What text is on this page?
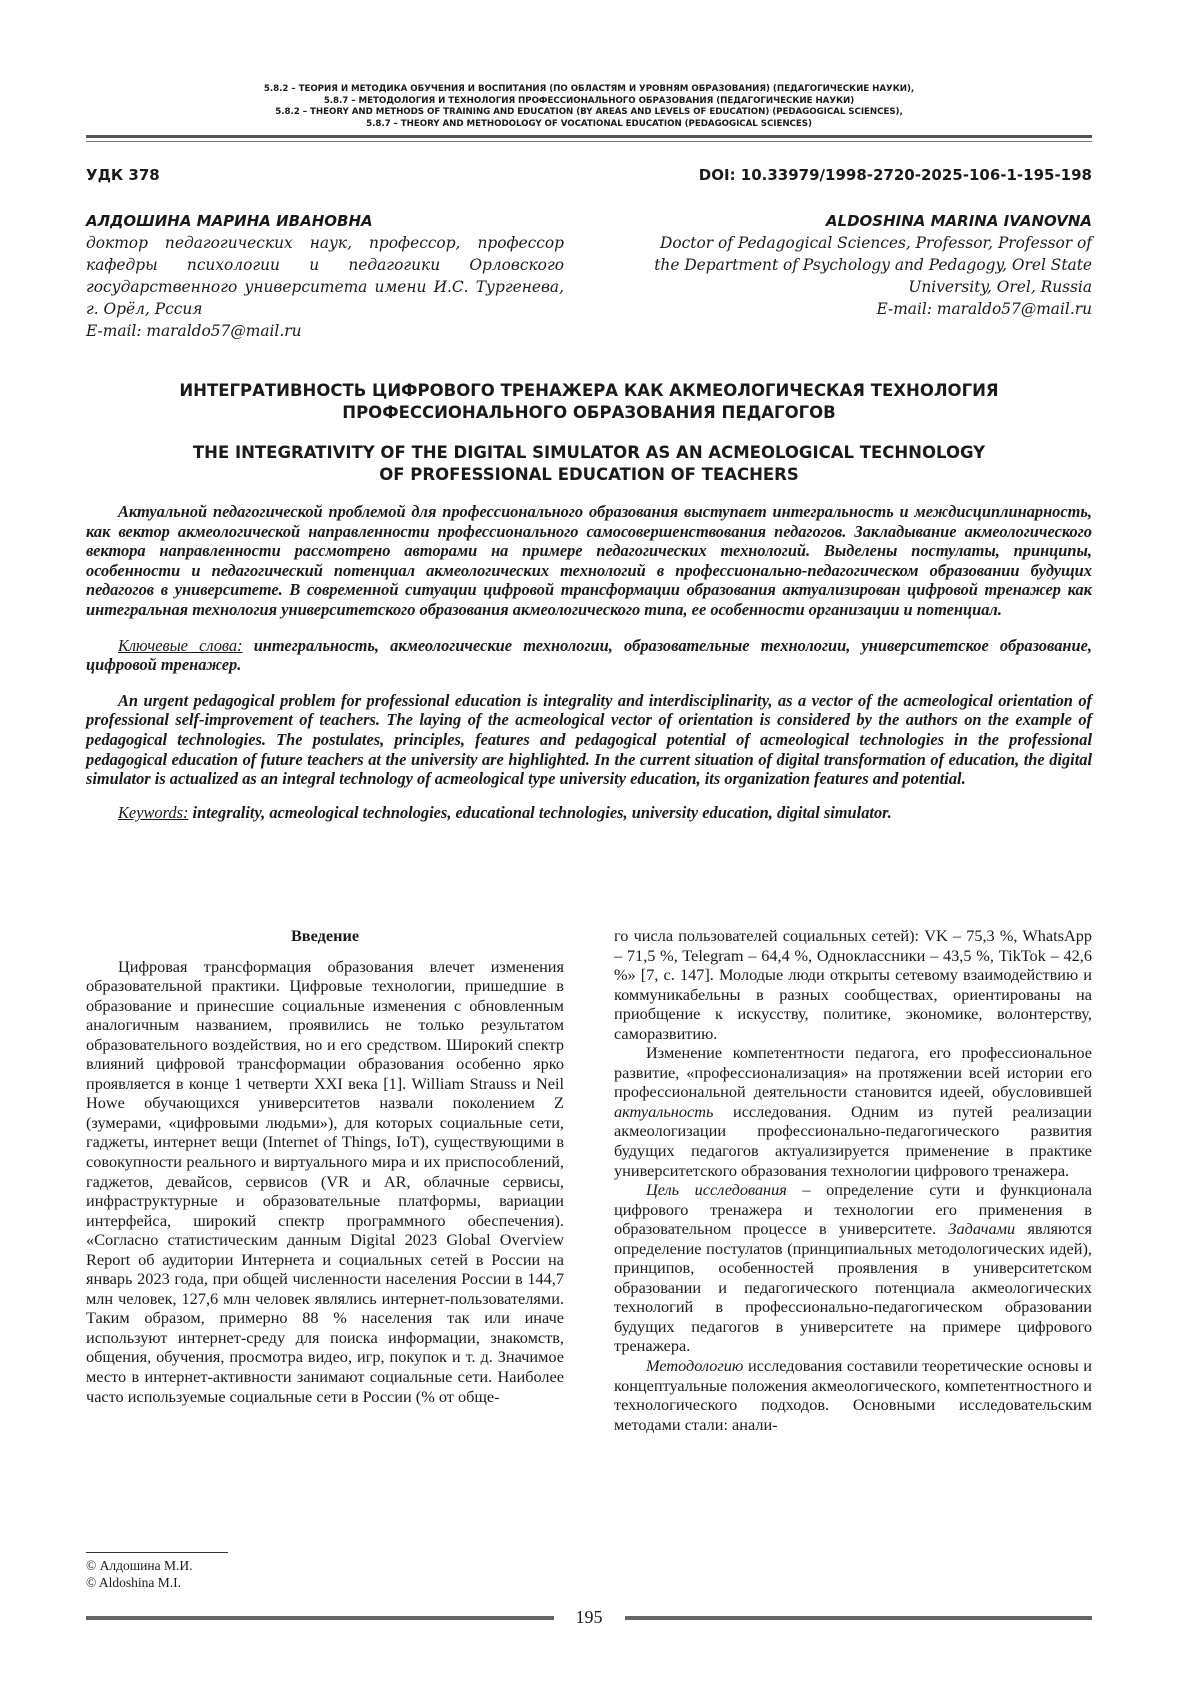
5.8.2 – ТЕОРИЯ И МЕТОДИКА ОБУЧЕНИЯ И ВОСПИТАНИЯ (ПО ОБЛАСТЯМ И УРОВНЯМ ОБРАЗОВАНИЯ) (ПЕДАГОГИЧЕСКИЕ НАУКИ),
5.8.7 – МЕТОДОЛОГИЯ И ТЕХНОЛОГИЯ ПРОФЕССИОНАЛЬНОГО ОБРАЗОВАНИЯ (ПЕДАГОГИЧЕСКИЕ НАУКИ)
5.8.2 – THEORY AND METHODS OF TRAINING AND EDUCATION (BY AREAS AND LEVELS OF EDUCATION) (PEDAGOGICAL SCIENCES),
5.8.7 – THEORY AND METHODOLOGY OF VOCATIONAL EDUCATION (PEDAGOGICAL SCIENCES)
УДК 378	DOI: 10.33979/1998-2720-2025-106-1-195-198
АЛДОШИНА МАРИНА ИВАНОВНА
доктор педагогических наук, профессор, профессор кафедры психологии и педагогики Орловского государственного университета имени И.С. Тургенева, г. Орёл, Рссия
E-mail: maraldo57@mail.ru
ALDOSHINA MARINA IVANOVNA
Doctor of Pedagogical Sciences, Professor, Professor of
the Department of Psychology and Pedagogy, Orel State
University, Orel, Russia
E-mail: maraldo57@mail.ru
ИНТЕГРАТИВНОСТЬ ЦИФРОВОГО ТРЕНАЖЕРА КАК АКМЕОЛОГИЧЕСКАЯ ТЕХНОЛОГИЯ
ПРОФЕССИОНАЛЬНОГО ОБРАЗОВАНИЯ ПЕДАГОГОВ
THE INTEGRATIVITY OF THE DIGITAL SIMULATOR AS AN ACMEOLOGICAL TECHNOLOGY
OF PROFESSIONAL EDUCATION OF TEACHERS
Актуальной педагогической проблемой для профессионального образования выступает интегральность и междисциплинарность, как вектор акмеологической направленности профессионального самосовершенствования педагогов. Закладывание акмеологического вектора направленности рассмотрено авторами на примере педагогических технологий. Выделены постулаты, принципы, особенности и педагогический потенциал акмеологических технологий в профессионально-педагогическом образовании будущих педагогов в университете. В современной ситуации цифровой трансформации образования актуализирован цифровой тренажер как интегральная технология университетского образования акмеологического типа, ее особенности организации и потенциал.
Ключевые слова: интегральность, акмеологические технологии, образовательные технологии, университетское образование, цифровой тренажер.
An urgent pedagogical problem for professional education is integrality and interdisciplinarity, as a vector of the acmeological orientation of professional self-improvement of teachers. The laying of the acmeological vector of orientation is considered by the authors on the example of pedagogical technologies. The postulates, principles, features and pedagogical potential of acmeological technologies in the professional pedagogical education of future teachers at the university are highlighted. In the current situation of digital transformation of education, the digital simulator is actualized as an integral technology of acmeological type university education, its organization features and potential.
Keywords: integrality, acmeological technologies, educational technologies, university education, digital simulator.
Введение

Цифровая трансформация образования влечет изменения образовательной практики. Цифровые технологии, пришедшие в образование и принесшие социальные изменения с обновленным аналогичным названием, проявились не только результатом образовательного воздействия, но и его средством. Широкий спектр влияний цифровой трансформации образования особенно ярко проявляется в конце 1 четверти XXI века [1]. William Strauss и Neil Howe обучающихся университетов назвали поколением Z (зумерами, «цифровыми людьми»), для которых социальные сети, гаджеты, интернет вещи (Internet of Things, IoT), существующими в совокупности реального и виртуального мира и их приспособлений, гаджетов, девайсов, сервисов (VR и AR, облачные сервисы, инфраструктурные и образовательные платформы, вариации интерфейса, широкий спектр программного обеспечения). «Согласно статистическим данным Digital 2023 Global Overview Report об аудитории Интернета и социальных сетей в России на январь 2023 года, при общей численности населения России в 144,7 млн человек, 127,6 млн человек являлись интернет-пользователями. Таким образом, примерно 88 % населения так или иначе используют интернет-среду для поиска информации, знакомств, общения, обучения, просмотра видео, игр, покупок и т. д. Значимое место в интернет-активности занимают социальные сети. Наиболее часто используемые социальные сети в России (% от обще-

го числа пользователей социальных сетей): VK – 75,3 %, WhatsApp – 71,5 %, Telegram – 64,4 %, Одноклассники – 43,5 %, TikTok – 42,6 %» [7, с. 147]. Молодые люди открыты сетевому взаимодействию и коммуникабельны в разных сообществах, ориентированы на приобщение к искусству, политике, экономике, волонтерству, саморазвитию.

Изменение компетентности педагога, его профессиональное развитие, «профессионализация» на протяжении всей истории его профессиональной деятельности становится идеей, обусловившей актуальность исследования. Одним из путей реализации акмеологизации профессионально-педагогического развития будущих педагогов актуализируется применение в практике университетского образования технологии цифрового тренажера.

Цель исследования – определение сути и функционала цифрового тренажера и технологии его применения в образовательном процессе в университете. Задачами являются определение постулатов (принципиальных методологических идей), принципов, особенностей проявления в университетском образовании и педагогического потенциала акмеологических технологий в профессионально-педагогическом образовании будущих педагогов в университете на примере цифрового тренажера.

Методологию исследования составили теоретические основы и концептуальные положения акмеологического, компетентностного и технологического подходов. Основными исследовательским методами стали: анали-

© Алдошина М.И.
© Aldoshina M.I.
195
